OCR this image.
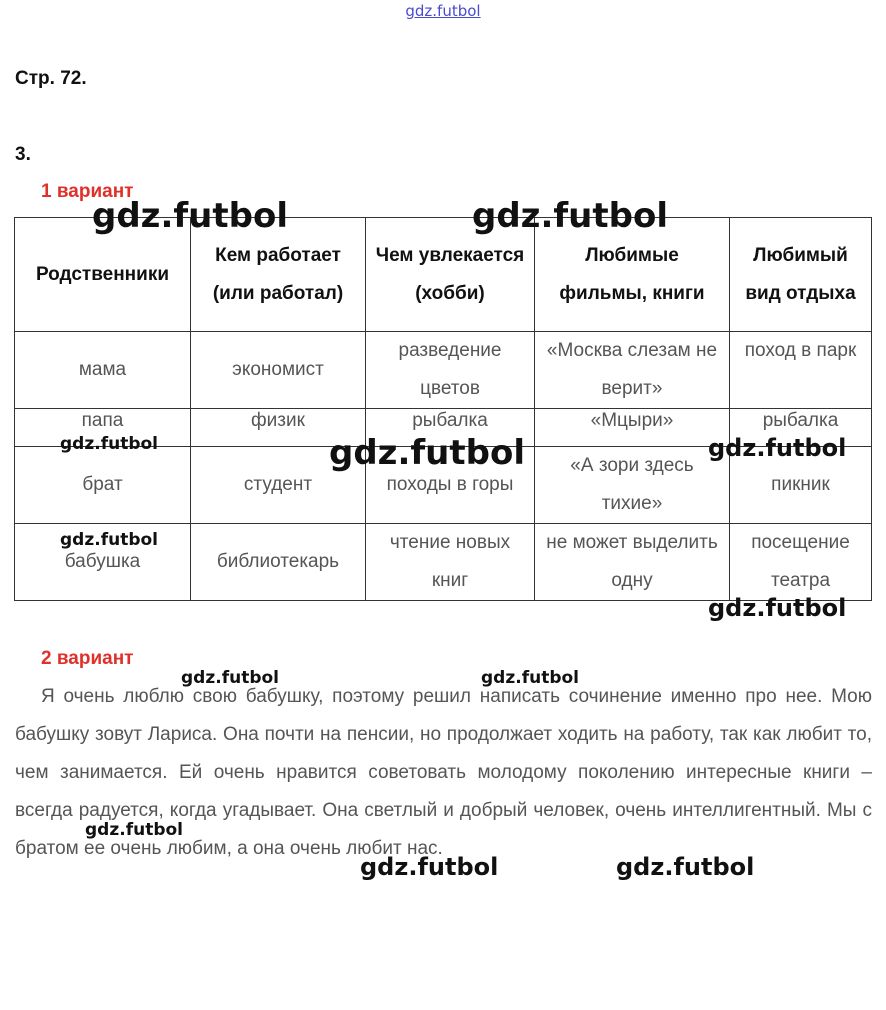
gdz.futbol
Стр. 72.
3.
1 вариант
Родственники	Кем работает (или работал)	Чем увлекается (хобби)	Любимые фильмы, книги	Любимый вид отдыха
мама	экономист	разведение цветов	«Москва слезам не верит»	поход в парк
папа	физик	рыбалка	«Мцыри»	рыбалка
брат	студент	походы в горы	«А зори здесь тихие»	пикник
бабушка	библиотекарь	чтение новых книг	не может выделить одну	посещение театра
2 вариант

Я очень люблю свою бабушку, поэтому решил написать сочинение именно про нее. Мою бабушку зовут Лариса. Она почти на пенсии, но продолжает ходить на работу, так как любит то, чем занимается. Ей очень нравится советовать молодому поколению интересные книги – всегда радуется, когда угадывает. Она светлый и добрый человек, очень интеллигентный. Мы с братом ее очень любим, а она очень любит нас.

gdz.futbol	gdz.futbol
gdz.futbol	gdz.futbol
gdz.futbol
gdz.futbol
gdz.futbol
gdz.futbol	gdz.futbol
gdz.futbol
gdz.futbol	gdz.futbol
